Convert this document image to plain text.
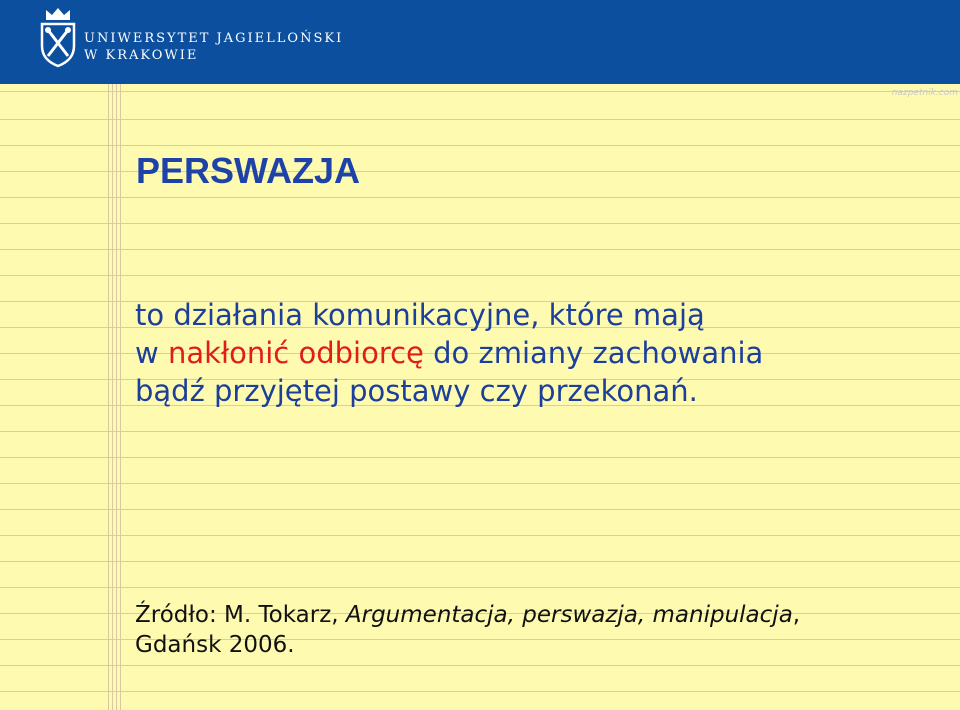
UNIWERSYTET JAGIELLOŃSKI
W KRAKOWIE
nazpetnik.com
PERSWAZJA
to działania komunikacyjne, które mają
w nakłonić odbiorcę do zmiany zachowania
bądź przyjętej postawy czy przekonań.
Źródło: M. Tokarz, Argumentacja, perswazja, manipulacja,
Gdańsk 2006.
